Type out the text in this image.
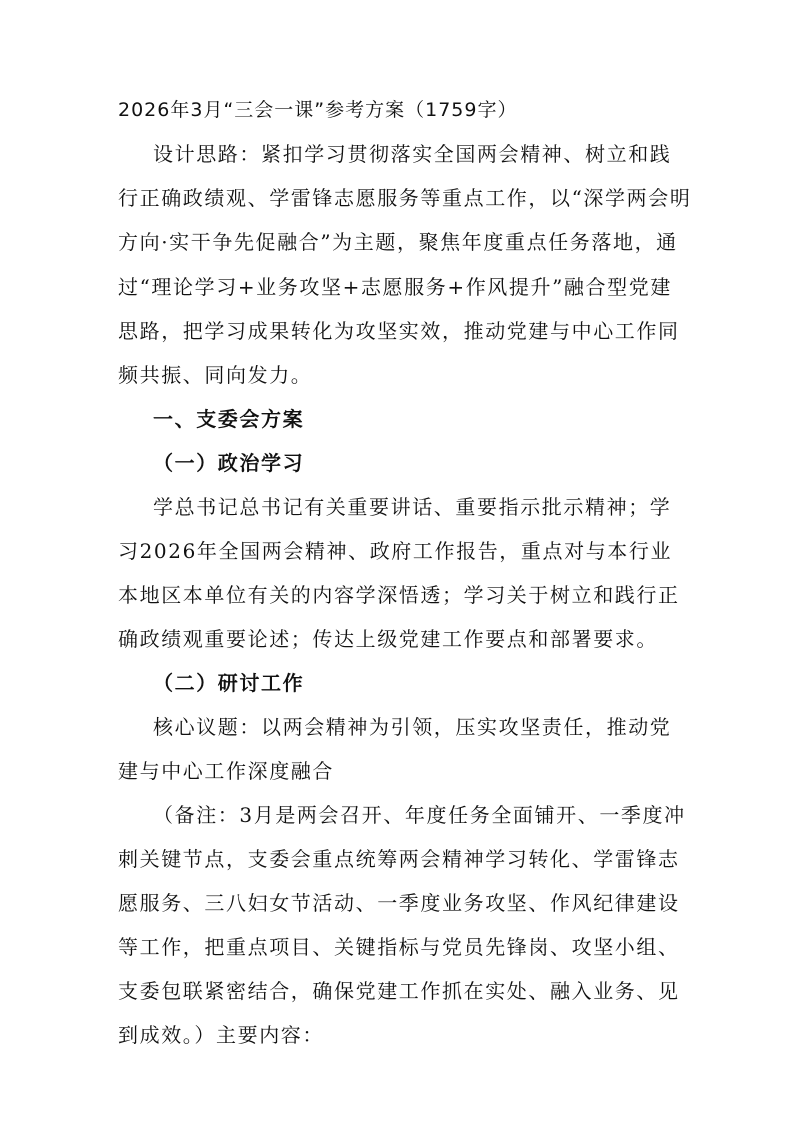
2026年3月“三会一课”参考方案（1759字）
设计思路：紧扣学习贯彻落实全国两会精神、树立和践
行正确政绩观、学雷锋志愿服务等重点工作，以“深学两会明
方向·实干争先促融合”为主题，聚焦年度重点任务落地，通
过“理论学习+业务攻坚+志愿服务+作风提升”融合型党建
思路，把学习成果转化为攻坚实效，推动党建与中心工作同
频共振、同向发力。
一、支委会方案
（一）政治学习
学总书记总书记有关重要讲话、重要指示批示精神；学
习2026年全国两会精神、政府工作报告，重点对与本行业
本地区本单位有关的内容学深悟透；学习关于树立和践行正
确政绩观重要论述；传达上级党建工作要点和部署要求。
（二）研讨工作
核心议题：以两会精神为引领，压实攻坚责任，推动党
建与中心工作深度融合
（备注：3月是两会召开、年度任务全面铺开、一季度冲
刺关键节点，支委会重点统筹两会精神学习转化、学雷锋志
愿服务、三八妇女节活动、一季度业务攻坚、作风纪律建设
等工作，把重点项目、关键指标与党员先锋岗、攻坚小组、
支委包联紧密结合，确保党建工作抓在实处、融入业务、见
到成效。）主要内容：
